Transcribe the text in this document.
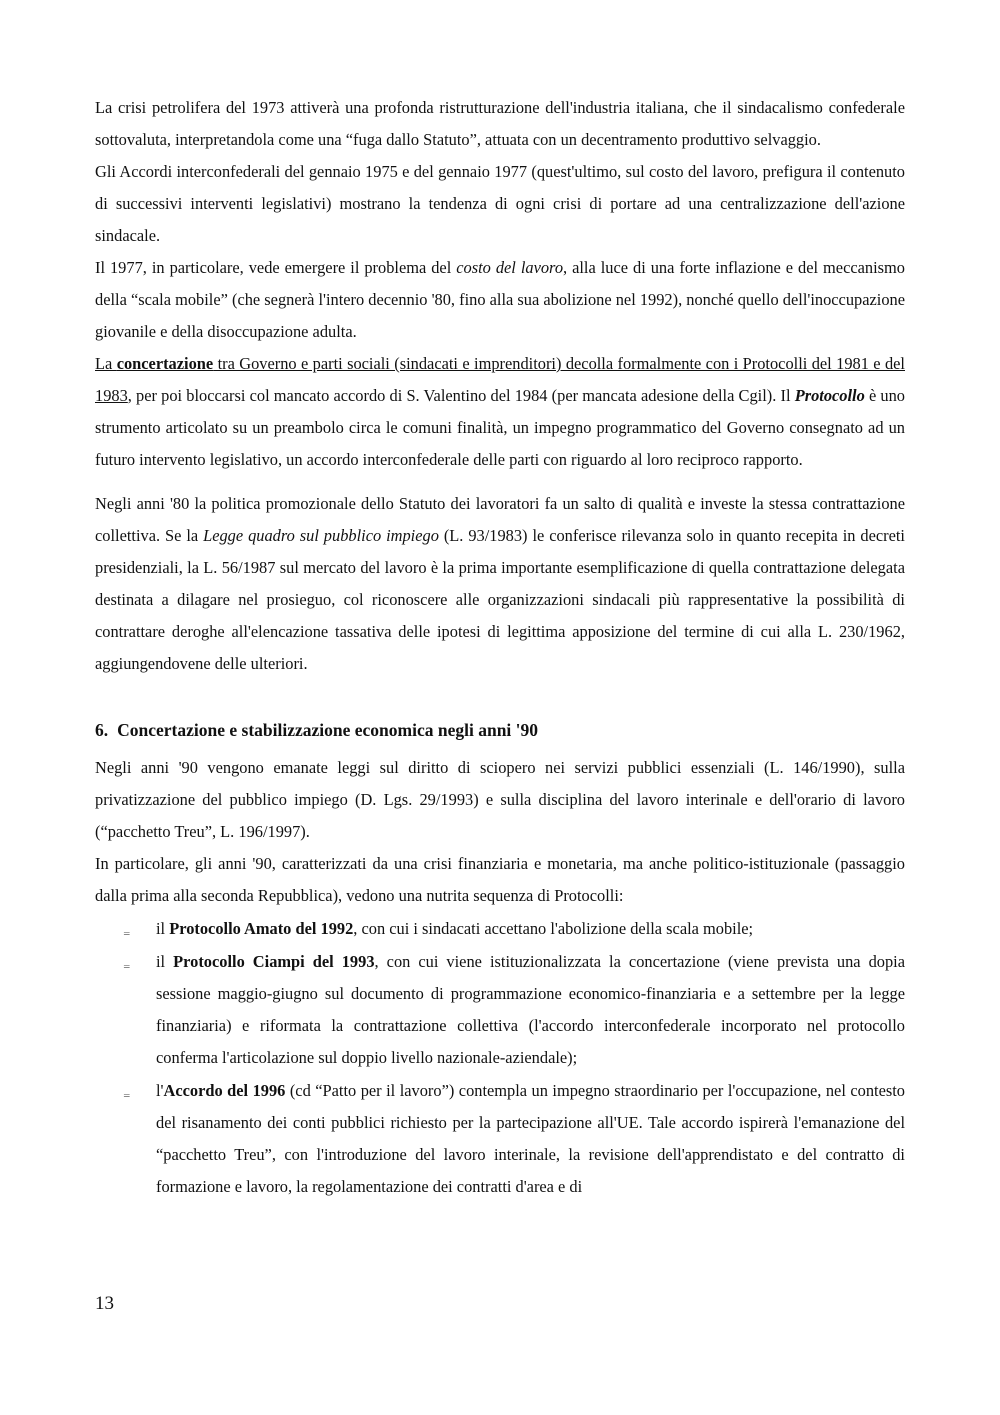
La crisi petrolifera del 1973 attiverà una profonda ristrutturazione dell'industria italiana, che il sindacalismo confederale sottovaluta, interpretandola come una “fuga dallo Statuto”, attuata con un decentramento produttivo selvaggio.

Gli Accordi interconfederali del gennaio 1975 e del gennaio 1977 (quest'ultimo, sul costo del lavoro, prefigura il contenuto di successivi interventi legislativi) mostrano la tendenza di ogni crisi di portare ad una centralizzazione dell'azione sindacale.

Il 1977, in particolare, vede emergere il problema del costo del lavoro, alla luce di una forte inflazione e del meccanismo della “scala mobile” (che segnerà l'intero decennio '80, fino alla sua abolizione nel 1992), nonché quello dell'inoccupazione giovanile e della disoccupazione adulta.

La concertazione tra Governo e parti sociali (sindacati e imprenditori) decolla formalmente con i Protocolli del 1981 e del 1983, per poi bloccarsi col mancato accordo di S. Valentino del 1984 (per mancata adesione della Cgil). Il Protocollo è uno strumento articolato su un preambolo circa le comuni finalità, un impegno programmatico del Governo consegnato ad un futuro intervento legislativo, un accordo interconfederale delle parti con riguardo al loro reciproco rapporto.

Negli anni '80 la politica promozionale dello Statuto dei lavoratori fa un salto di qualità e investe la stessa contrattazione collettiva. Se la Legge quadro sul pubblico impiego (L. 93/1983) le conferisce rilevanza solo in quanto recepita in decreti presidenziali, la L. 56/1987 sul mercato del lavoro è la prima importante esemplificazione di quella contrattazione delegata destinata a dilagare nel prosieguo, col riconoscere alle organizzazioni sindacali più rappresentative la possibilità di contrattare deroghe all'elencazione tassativa delle ipotesi di legittima apposizione del termine di cui alla L. 230/1962, aggiungendovene delle ulteriori.

6. Concertazione e stabilizzazione economica negli anni '90

Negli anni '90 vengono emanate leggi sul diritto di sciopero nei servizi pubblici essenziali (L. 146/1990), sulla privatizzazione del pubblico impiego (D. Lgs. 29/1993) e sulla disciplina del lavoro interinale e dell'orario di lavoro (“pacchetto Treu”, L. 196/1997).

In particolare, gli anni '90, caratterizzati da una crisi finanziaria e monetaria, ma anche politico-istituzionale (passaggio dalla prima alla seconda Repubblica), vedono una nutrita sequenza di Protocolli:

‗ il Protocollo Amato del 1992, con cui i sindacati accettano l'abolizione della scala mobile;
‗ il Protocollo Ciampi del 1993, con cui viene istituzionalizzata la concertazione (viene prevista una dopia sessione maggio-giugno sul documento di programmazione economico-finanziaria e a settembre per la legge finanziaria) e riformata la contrattazione collettiva (l'accordo interconfederale incorporato nel protocollo conferma l'articolazione sul doppio livello nazionale-aziendale);
‗ l'Accordo del 1996 (cd “Patto per il lavoro”) contempla un impegno straordinario per l'occupazione, nel contesto del risanamento dei conti pubblici richiesto per la partecipazione all'UE. Tale accordo ispirerà l'emanazione del “pacchetto Treu”, con l'introduzione del lavoro interinale, la revisione dell'apprendistato e del contratto di formazione e lavoro, la regolamentazione dei contratti d'area e di
13
